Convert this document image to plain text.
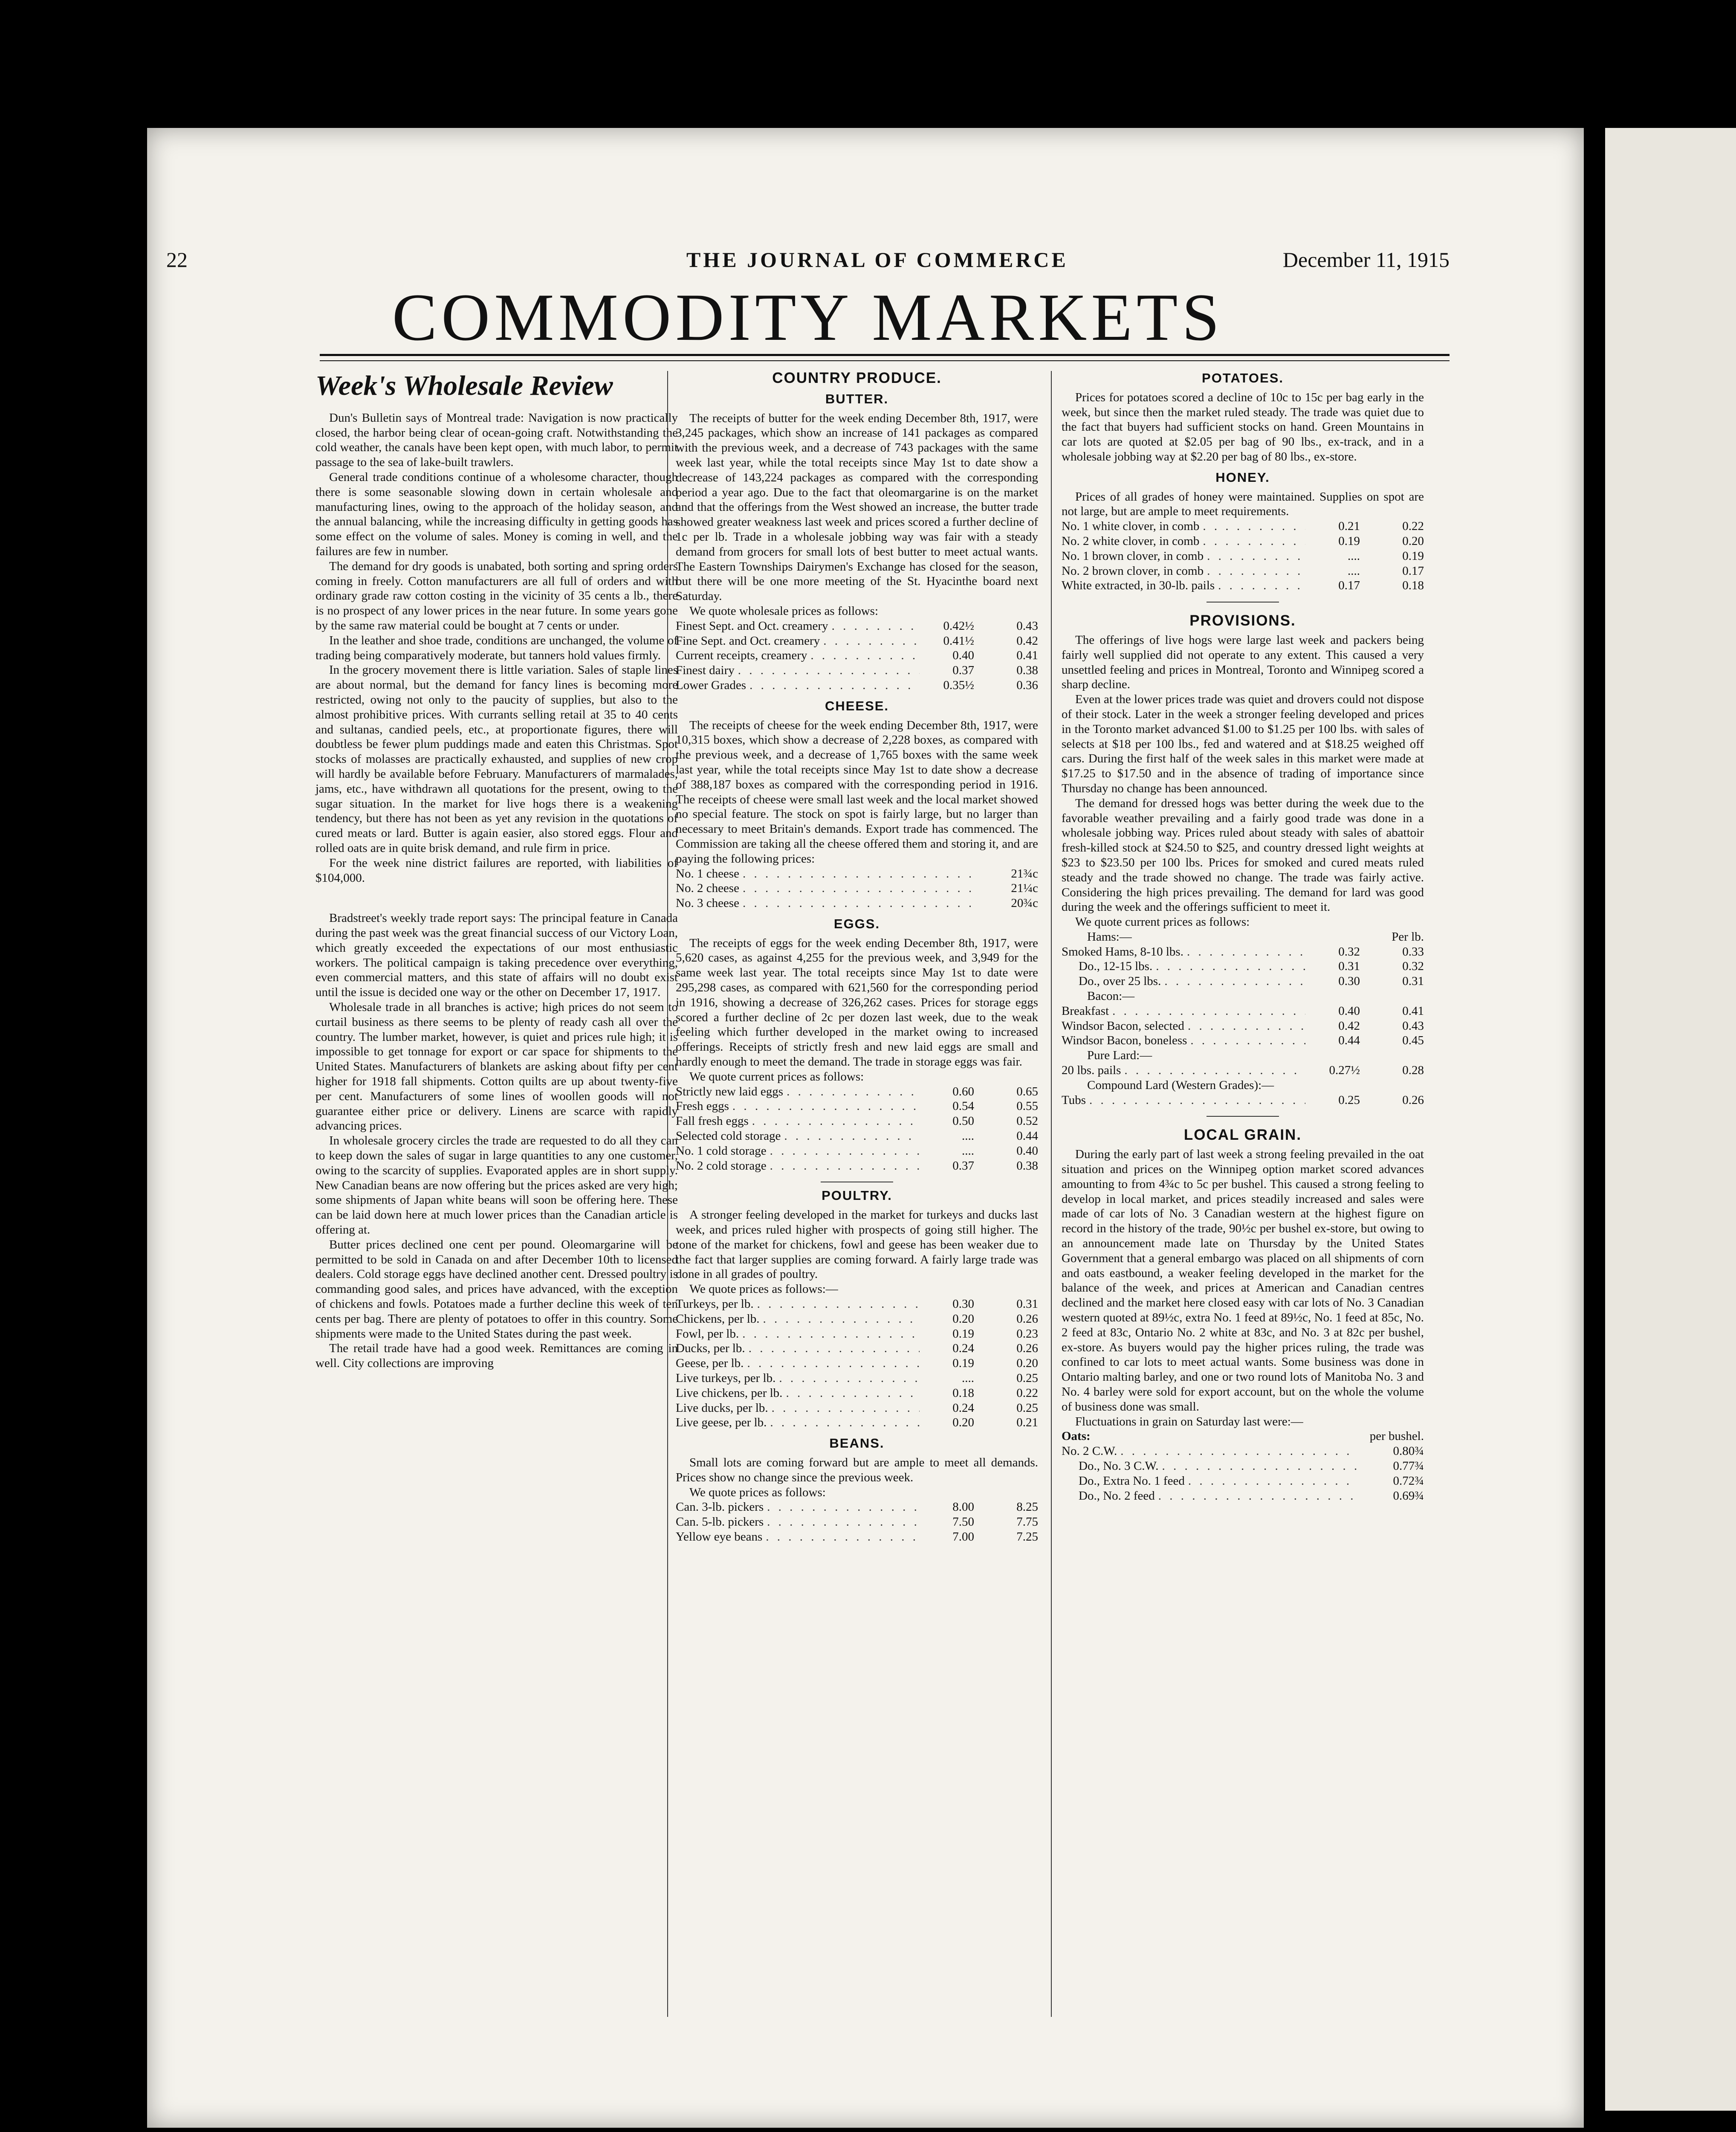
22	THE JOURNAL OF COMMERCE	December 11, 1915
COMMODITY MARKETS
Week's Wholesale Review

Dun's Bulletin says of Montreal trade: Navigation is now practically closed, the harbor being clear of ocean-going craft. Notwithstanding the cold weather, the canals have been kept open, with much labor, to permit passage to the sea of lake-built trawlers.

General trade conditions continue of a wholesome character, though there is some seasonable slowing down in certain wholesale and manufacturing lines, owing to the approach of the holiday season, and the annual balancing, while the increasing difficulty in getting goods has some effect on the volume of sales. Money is coming in well, and the failures are few in number.

The demand for dry goods is unabated, both sorting and spring orders coming in freely. Cotton manufacturers are all full of orders and with ordinary grade raw cotton costing in the vicinity of 35 cents a lb., there is no prospect of any lower prices in the near future. In some years gone by the same raw material could be bought at 7 cents or under.

In the leather and shoe trade, conditions are unchanged, the volume of trading being comparatively moderate, but tanners hold values firmly.

In the grocery movement there is little variation. Sales of staple lines are about normal, but the demand for fancy lines is becoming more restricted, owing not only to the paucity of supplies, but also to the almost prohibitive prices. With currants selling retail at 35 to 40 cents and sultanas, candied peels, etc., at proportionate figures, there will doubtless be fewer plum puddings made and eaten this Christmas. Spot stocks of molasses are practically exhausted, and supplies of new crop will hardly be available before February. Manufacturers of marmalades, jams, etc., have withdrawn all quotations for the present, owing to the sugar situation. In the market for live hogs there is a weakening tendency, but there has not been as yet any revision in the quotations of cured meats or lard. Butter is again easier, also stored eggs. Flour and rolled oats are in quite brisk demand, and rule firm in price.

For the week nine district failures are reported, with liabilities of $104,000.

Bradstreet's weekly trade report says: The principal feature in Canada during the past week was the great financial success of our Victory Loan, which greatly exceeded the expectations of our most enthusiastic workers. The political campaign is taking precedence over everything, even commercial matters, and this state of affairs will no doubt exist until the issue is decided one way or the other on December 17, 1917.

Wholesale trade in all branches is active; high prices do not seem to curtail business as there seems to be plenty of ready cash all over the country. The lumber market, however, is quiet and prices rule high; it is impossible to get tonnage for export or car space for shipments to the United States. Manufacturers of blankets are asking about fifty per cent higher for 1918 fall shipments. Cotton quilts are up about twenty-five per cent. Manufacturers of some lines of woollen goods will not guarantee either price or delivery. Linens are scarce with rapidly advancing prices.

In wholesale grocery circles the trade are requested to do all they can to keep down the sales of sugar in large quantities to any one customer, owing to the scarcity of supplies. Evaporated apples are in short supply. New Canadian beans are now offering but the prices asked are very high; some shipments of Japan white beans will soon be offering here. These can be laid down here at much lower prices than the Canadian article is offering at.

Butter prices declined one cent per pound. Oleomargarine will be permitted to be sold in Canada on and after December 10th to licensed dealers. Cold storage eggs have declined another cent. Dressed poultry is commanding good sales, and prices have advanced, with the exception of chickens and fowls. Potatoes made a further decline this week of ten cents per bag. There are plenty of potatoes to offer in this country. Some shipments were made to the United States during the past week.

The retail trade have had a good week. Remittances are coming in well. City collections are improving

COUNTRY PRODUCE.
BUTTER.

The receipts of butter for the week ending December 8th, 1917, were 3,245 packages, which show an increase of 141 packages as compared with the previous week, and a decrease of 743 packages with the same week last year, while the total receipts since May 1st to date show a decrease of 143,224 packages as compared with the corresponding period a year ago. Due to the fact that oleomargarine is on the market and that the offerings from the West showed an increase, the butter trade showed greater weakness last week and prices scored a further decline of 1c per lb. Trade in a wholesale jobbing way was fair with a steady demand from grocers for small lots of best butter to meet actual wants. The Eastern Townships Dairymen's Exchange has closed for the season, but there will be one more meeting of the St. Hyacinthe board next Saturday.

We quote wholesale prices as follows:

Finest Sept. and Oct. creamery . . .	0.42½	0.43
Fine Sept. and Oct. creamery . . .	0.41½	0.42
Current receipts, creamery . . .	0.40	0.41
Finest dairy . . .	0.37	0.38
Lower Grades . . .	0.35½	0.36
CHEESE.

The receipts of cheese for the week ending December 8th, 1917, were 10,315 boxes, which show a decrease of 2,228 boxes, as compared with the previous week, and a decrease of 1,765 boxes with the same week last year, while the total receipts since May 1st to date show a decrease of 388,187 boxes as compared with the corresponding period in 1916. The receipts of cheese were small last week and the local market showed no special feature. The stock on spot is fairly large, but no larger than necessary to meet Britain's demands. Export trade has commenced. The Commission are taking all the cheese offered them and storing it, and are paying the following prices:

No. 1 cheese . . .	21¾c
No. 2 cheese . . .	21¼c
No. 3 cheese . . .	20¾c
EGGS.

The receipts of eggs for the week ending December 8th, 1917, were 5,620 cases, as against 4,255 for the previous week, and 3,949 for the same week last year. The total receipts since May 1st to date were 295,298 cases, as compared with 621,560 for the corresponding period in 1916, showing a decrease of 326,262 cases. Prices for storage eggs scored a further decline of 2c per dozen last week, due to the weak feeling which further developed in the market owing to increased offerings. Receipts of strictly fresh and new laid eggs are small and hardly enough to meet the demand. The trade in storage eggs was fair.

We quote current prices as follows:

Strictly new laid eggs . . .	0.60	0.65
Fresh eggs . . .	0.54	0.55
Fall fresh eggs . . .	0.50	0.52
Selected cold storage . . .	....	0.44
No. 1 cold storage . . .	....	0.40
No. 2 cold storage . . .	0.37	0.38
POULTRY.

A stronger feeling developed in the market for turkeys and ducks last week, and prices ruled higher with prospects of going still higher. The tone of the market for chickens, fowl and geese has been weaker due to the fact that larger supplies are coming forward. A fairly large trade was done in all grades of poultry.

We quote prices as follows:—

Turkeys, per lb. . . .	0.30	0.31
Chickens, per lb. . . .	0.20	0.26
Fowl, per lb. . . .	0.19	0.23
Ducks, per lb. . . .	0.24	0.26
Geese, per lb. . . .	0.19	0.20
Live turkeys, per lb. . . .	....	0.25
Live chickens, per lb. . . .	0.18	0.22
Live ducks, per lb. . . .	0.24	0.25
Live geese, per lb. . . .	0.20	0.21
BEANS.

Small lots are coming forward but are ample to meet all demands. Prices show no change since the previous week.

We quote prices as follows:

Can. 3-lb. pickers . . .	8.00	8.25
Can. 5-lb. pickers . . .	7.50	7.75
Yellow eye beans . . .	7.00	7.25
POTATOES.

Prices for potatoes scored a decline of 10c to 15c per bag early in the week, but since then the market ruled steady. The trade was quiet due to the fact that buyers had sufficient stocks on hand. Green Mountains in car lots are quoted at $2.05 per bag of 90 lbs., ex-track, and in a wholesale jobbing way at $2.20 per bag of 80 lbs., ex-store.

HONEY.

Prices of all grades of honey were maintained. Supplies on spot are not large, but are ample to meet requirements.

No. 1 white clover, in comb . . .	0.21	0.22
No. 2 white clover, in comb . . .	0.19	0.20
No. 1 brown clover, in comb . . .	....	0.19
No. 2 brown clover, in comb . . .	....	0.17
White extracted, in 30-lb. pails . . .	0.17	0.18
PROVISIONS.

The offerings of live hogs were large last week and packers being fairly well supplied did not operate to any extent. This caused a very unsettled feeling and prices in Montreal, Toronto and Winnipeg scored a sharp decline.

Even at the lower prices trade was quiet and drovers could not dispose of their stock. Later in the week a stronger feeling developed and prices in the Toronto market advanced $1.00 to $1.25 per 100 lbs. with sales of selects at $18 per 100 lbs., fed and watered and at $18.25 weighed off cars. During the first half of the week sales in this market were made at $17.25 to $17.50 and in the absence of trading of importance since Thursday no change has been announced.

The demand for dressed hogs was better during the week due to the favorable weather prevailing and a fairly good trade was done in a wholesale jobbing way. Prices ruled about steady with sales of abattoir fresh-killed stock at $24.50 to $25, and country dressed light weights at $23 to $23.50 per 100 lbs. Prices for smoked and cured meats ruled steady and the trade showed no change. The trade was fairly active. Considering the high prices prevailing. The demand for lard was good during the week and the offerings sufficient to meet it.

We quote current prices as follows:

Hams:—	Per lb.
Smoked Hams, 8-10 lbs. . . .	0.32	0.33
Do., 12-15 lbs. . . .	0.31	0.32
Do., over 25 lbs. . . .	0.30	0.31
Bacon:—
Breakfast . . .	0.40	0.41
Windsor Bacon, selected . . .	0.42	0.43
Windsor Bacon, boneless . . .	0.44	0.45
Pure Lard:—
20 lbs. pails . . .	0.27½	0.28
Compound Lard (Western Grades):—
Tubs . . .	0.25	0.26
LOCAL GRAIN.

During the early part of last week a strong feeling prevailed in the oat situation and prices on the Winnipeg option market scored advances amounting to from 4¾c to 5c per bushel. This caused a strong feeling to develop in local market, and prices steadily increased and sales were made of car lots of No. 3 Canadian western at the highest figure on record in the history of the trade, 90½c per bushel ex-store, but owing to an announcement made late on Thursday by the United States Government that a general embargo was placed on all shipments of corn and oats eastbound, a weaker feeling developed in the market for the balance of the week, and prices at American and Canadian centres declined and the market here closed easy with car lots of No. 3 Canadian western quoted at 89½c, extra No. 1 feed at 89½c, No. 1 feed at 85c, No. 2 feed at 83c, Ontario No. 2 white at 83c, and No. 3 at 82c per bushel, ex-store. As buyers would pay the higher prices ruling, the trade was confined to car lots to meet actual wants. Some business was done in Ontario malting barley, and one or two round lots of Manitoba No. 3 and No. 4 barley were sold for export account, but on the whole the volume of business done was small.

Fluctuations in grain on Saturday last were:—

Oats:	per bushel.
No. 2 C.W. . . .	0.80¾
Do., No. 3 C.W. . . .	0.77¾
Do., Extra No. 1 feed . . .	0.72¾
Do., No. 2 feed . . .	0.69¾
